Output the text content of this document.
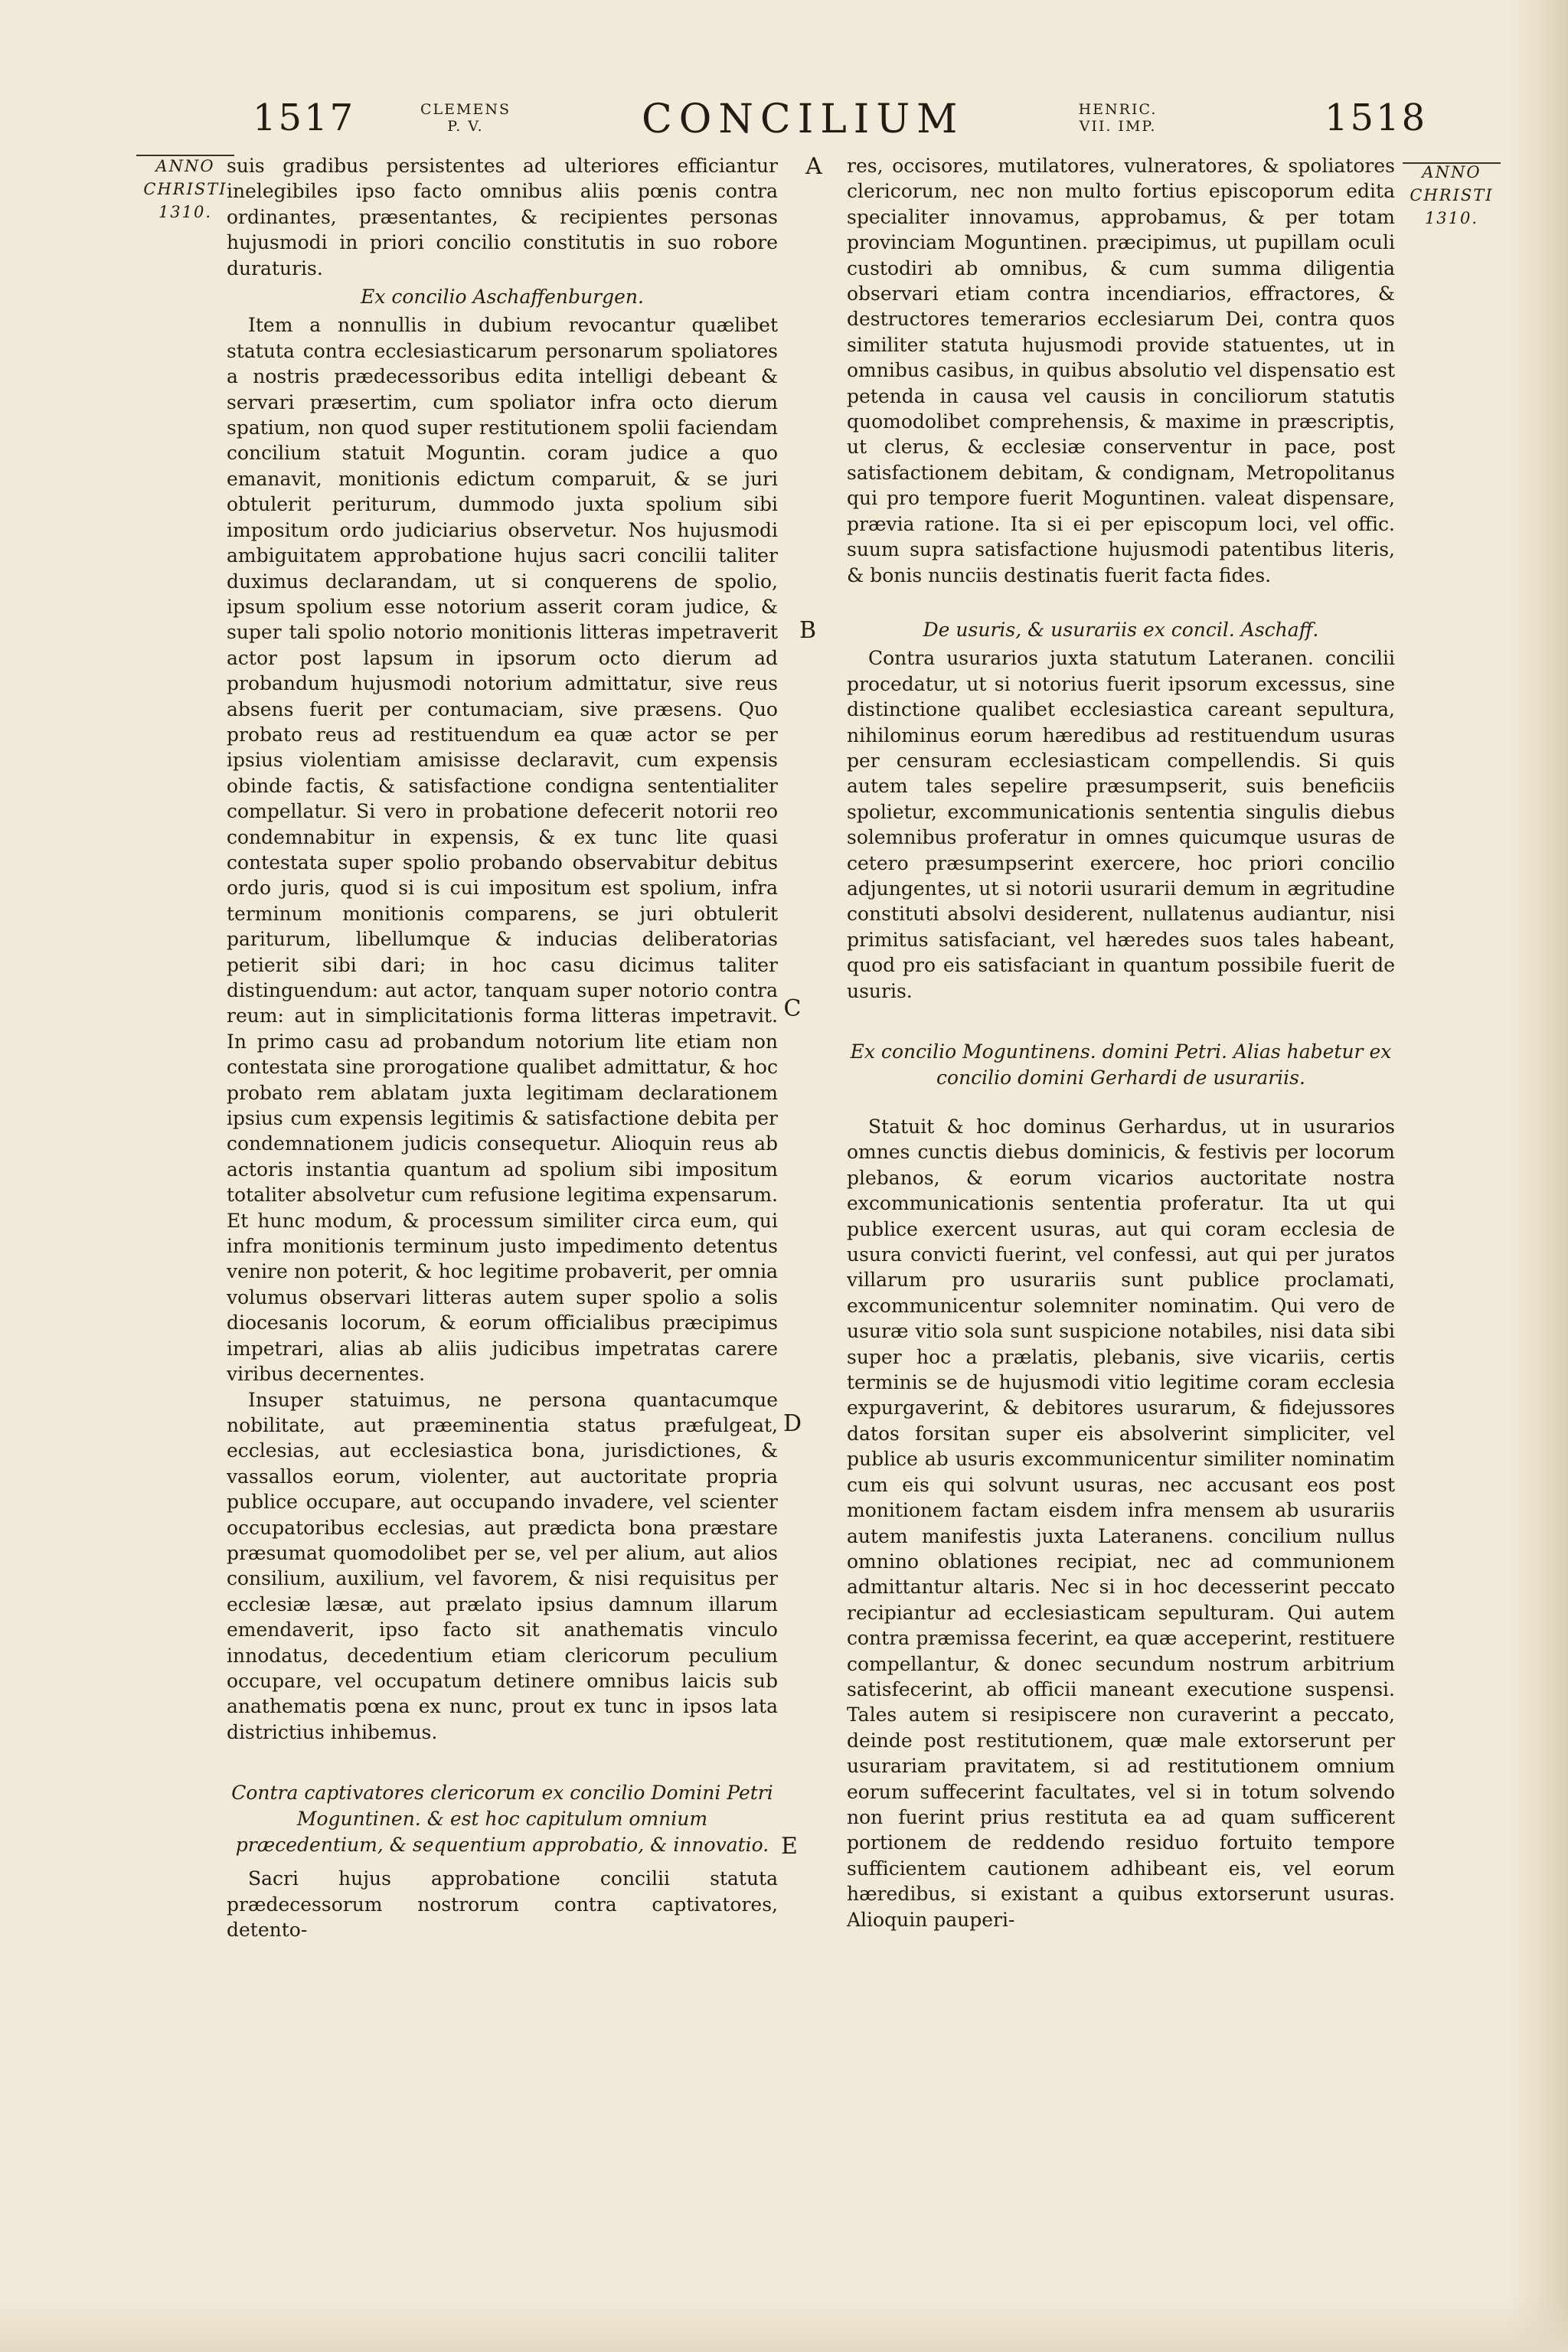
1517	CLEMENS P. V.	CONCILIUM	HENRIC. VII. IMP.	1518
ANNO CHRISTI 1310.
ANNO CHRISTI 1310.
A
B
C
D
E

suis gradibus persistentes ad ulteriores efficiantur inelegibiles ipso facto omnibus aliis pœnis contra ordinantes, præsentantes, & recipientes personas hujusmodi in priori concilio constitutis in suo robore duraturis.

Ex concilio Aschaffenburgen.

Item a nonnullis in dubium revocantur quælibet statuta contra ecclesiasticarum personarum spoliatores a nostris prædecessoribus edita intelligi debeant & servari præsertim, cum spoliator infra octo dierum spatium, non quod super restitutionem spolii faciendam concilium statuit Moguntin. coram judice a quo emanavit, monitionis edictum comparuit, & se juri obtulerit periturum, dummodo juxta spolium sibi impositum ordo judiciarius observetur. Nos hujusmodi ambiguitatem approbatione hujus sacri concilii taliter duximus declarandam, ut si conquerens de spolio, ipsum spolium esse notorium asserit coram judice, & super tali spolio notorio monitionis litteras impetraverit actor post lapsum in ipsorum octo dierum ad probandum hujusmodi notorium admittatur, sive reus absens fuerit per contumaciam, sive præsens. Quo probato reus ad restituendum ea quæ actor se per ipsius violentiam amisisse declaravit, cum expensis obinde factis, & satisfactione condigna sententialiter compellatur. Si vero in probatione defecerit notorii reo condemnabitur in expensis, & ex tunc lite quasi contestata super spolio probando observabitur debitus ordo juris, quod si is cui impositum est spolium, infra terminum monitionis comparens, se juri obtulerit pariturum, libellumque & inducias deliberatorias petierit sibi dari; in hoc casu dicimus taliter distinguendum: aut actor, tanquam super notorio contra reum: aut in simplicitationis forma litteras impetravit. In primo casu ad probandum notorium lite etiam non contestata sine prorogatione qualibet admittatur, & hoc probato rem ablatam juxta legitimam declarationem ipsius cum expensis legitimis & satisfactione debita per condemnationem judicis consequetur. Alioquin reus ab actoris instantia quantum ad spolium sibi impositum totaliter absolvetur cum refusione legitima expensarum. Et hunc modum, & processum similiter circa eum, qui infra monitionis terminum justo impedimento detentus venire non poterit, & hoc legitime probaverit, per omnia volumus observari litteras autem super spolio a solis diocesanis locorum, & eorum officialibus præcipimus impetrari, alias ab aliis judicibus impetratas carere viribus decernentes.

Insuper statuimus, ne persona quantacumque nobilitate, aut præeminentia status præfulgeat, ecclesias, aut ecclesiastica bona, jurisdictiones, & vassallos eorum, violenter, aut auctoritate propria publice occupare, aut occupando invadere, vel scienter occupatoribus ecclesias, aut prædicta bona præstare præsumat quomodolibet per se, vel per alium, aut alios consilium, auxilium, vel favorem, & nisi requisitus per ecclesiæ læsæ, aut prælato ipsius damnum illarum emendaverit, ipso facto sit anathematis vinculo innodatus, decedentium etiam clericorum peculium occupare, vel occupatum detinere omnibus laicis sub anathematis pœna ex nunc, prout ex tunc in ipsos lata districtius inhibemus.

Contra captivatores clericorum ex concilio Domini Petri Moguntinen. & est hoc capitulum omnium præcedentium, & sequentium approbatio, & innovatio.

Sacri hujus approbatione concilii statuta prædecessorum nostrorum contra captivatores, detento-

res, occisores, mutilatores, vulneratores, & spoliatores clericorum, nec non multo fortius episcoporum edita specialiter innovamus, approbamus, & per totam provinciam Moguntinen. præcipimus, ut pupillam oculi custodiri ab omnibus, & cum summa diligentia observari etiam contra incendiarios, effractores, & destructores temerarios ecclesiarum Dei, contra quos similiter statuta hujusmodi provide statuentes, ut in omnibus casibus, in quibus absolutio vel dispensatio est petenda in causa vel causis in conciliorum statutis quomodolibet comprehensis, & maxime in præscriptis, ut clerus, & ecclesiæ conserventur in pace, post satisfactionem debitam, & condignam, Metropolitanus qui pro tempore fuerit Moguntinen. valeat dispensare, prævia ratione. Ita si ei per episcopum loci, vel offic. suum supra satisfactione hujusmodi patentibus literis, & bonis nunciis destinatis fuerit facta fides.

De usuris, & usurariis ex concil. Aschaff.

Contra usurarios juxta statutum Lateranen. concilii procedatur, ut si notorius fuerit ipsorum excessus, sine distinctione qualibet ecclesiastica careant sepultura, nihilominus eorum hæredibus ad restituendum usuras per censuram ecclesiasticam compellendis. Si quis autem tales sepelire præsumpserit, suis beneficiis spolietur, excommunicationis sententia singulis diebus solemnibus proferatur in omnes quicumque usuras de cetero præsumpserint exercere, hoc priori concilio adjungentes, ut si notorii usurarii demum in ægritudine constituti absolvi desiderent, nullatenus audiantur, nisi primitus satisfaciant, vel hæredes suos tales habeant, quod pro eis satisfaciant in quantum possibile fuerit de usuris.

Ex concilio Moguntinens. domini Petri. Alias habetur ex concilio domini Gerhardi de usurariis.

Statuit & hoc dominus Gerhardus, ut in usurarios omnes cunctis diebus dominicis, & festivis per locorum plebanos, & eorum vicarios auctoritate nostra excommunicationis sententia proferatur. Ita ut qui publice exercent usuras, aut qui coram ecclesia de usura convicti fuerint, vel confessi, aut qui per juratos villarum pro usurariis sunt publice proclamati, excommunicentur solemniter nominatim. Qui vero de usuræ vitio sola sunt suspicione notabiles, nisi data sibi super hoc a prælatis, plebanis, sive vicariis, certis terminis se de hujusmodi vitio legitime coram ecclesia expurgaverint, & debitores usurarum, & fidejussores datos forsitan super eis absolverint simpliciter, vel publice ab usuris excommunicentur similiter nominatim cum eis qui solvunt usuras, nec accusant eos post monitionem factam eisdem infra mensem ab usurariis autem manifestis juxta Lateranens. concilium nullus omnino oblationes recipiat, nec ad communionem admittantur altaris. Nec si in hoc decesserint peccato recipiantur ad ecclesiasticam sepulturam. Qui autem contra præmissa fecerint, ea quæ acceperint, restituere compellantur, & donec secundum nostrum arbitrium satisfecerint, ab officii maneant executione suspensi. Tales autem si resipiscere non curaverint a peccato, deinde post restitutionem, quæ male extorserunt per usurariam pravitatem, si ad restitutionem omnium eorum suffecerint facultates, vel si in totum solvendo non fuerint prius restituta ea ad quam sufficerent portionem de reddendo residuo fortuito tempore sufficientem cautionem adhibeant eis, vel eorum hæredibus, si existant a quibus extorserunt usuras. Alioquin pauperi-
